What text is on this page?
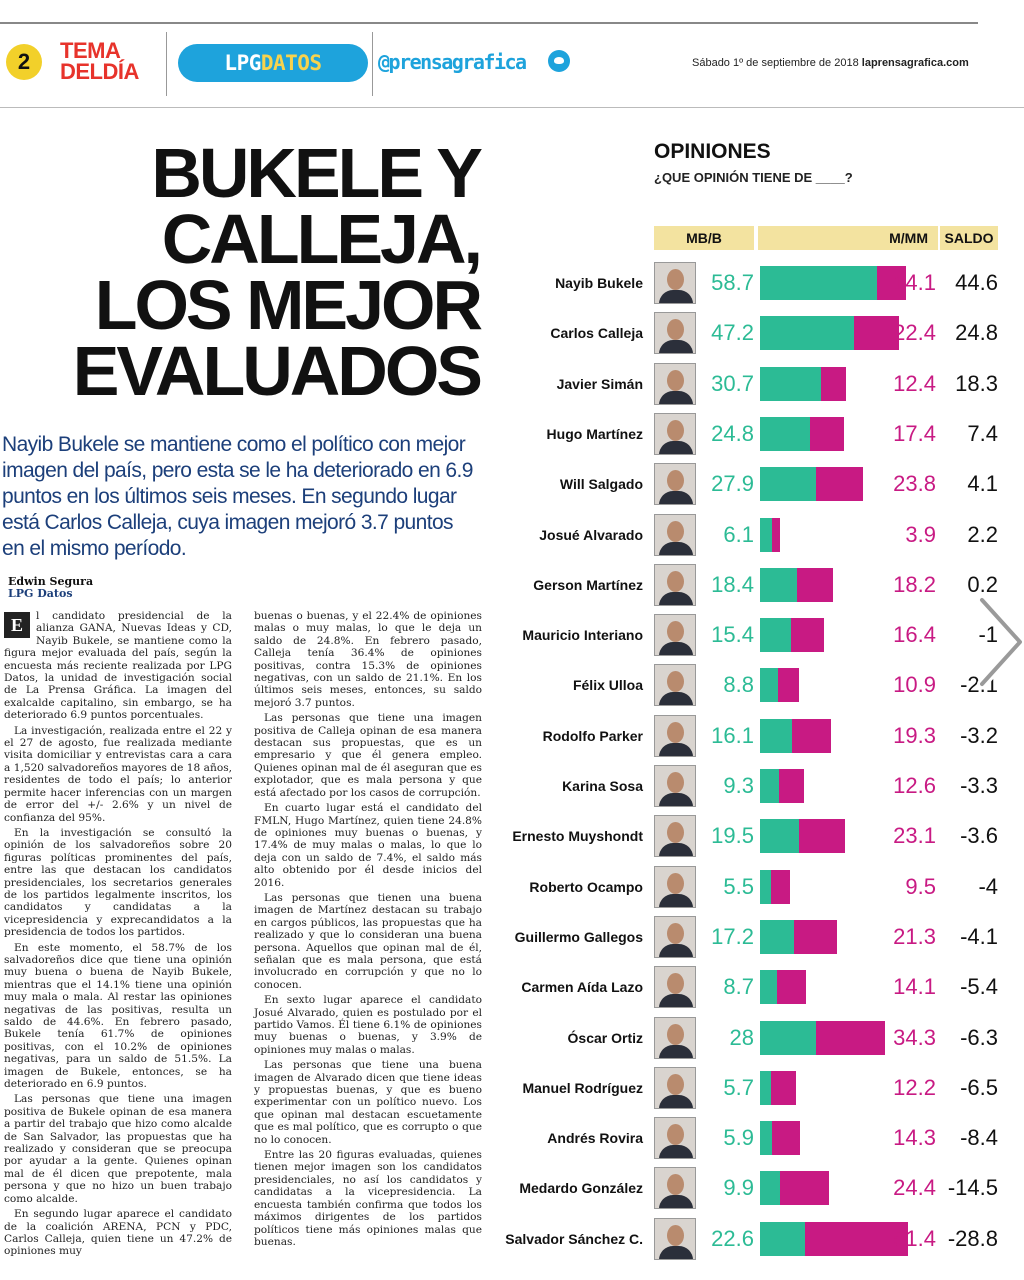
2	TEMA
DELDÍA	LPGDATOS	@prensagrafica	Sábado 1º de septiembre de 2018 laprensagrafica.com
BUKELE Y
CALLEJA,
LOS MEJOR
EVALUADOS

Nayib Bukele se mantiene como el político con mejor imagen del país, pero esta se le ha deteriorado en 6.9 puntos en los últimos seis meses. En segundo lugar está Carlos Calleja, cuya imagen mejoró 3.7 puntos en el mismo período.

Edwin Segura
LPG Datos

E	l candidato presidencial de la alianza GANA, Nuevas Ideas y CD, Nayib Bukele, se mantiene como la figura mejor evaluada del país, según la encuesta más reciente realizada por LPG Datos, la unidad de investigación social de La Prensa Gráfica. La imagen del exalcalde capitalino, sin embargo, se ha deteriorado 6.9 puntos porcentuales.

La investigación, realizada entre el 22 y el 27 de agosto, fue realizada mediante visita domiciliar y entrevistas cara a cara a 1,520 salvadoreños mayores de 18 años, residentes de todo el país; lo anterior permite hacer inferencias con un margen de error del +/- 2.6% y un nivel de confianza del 95%.

En la investigación se consultó la opinión de los salvadoreños sobre 20 figuras políticas prominentes del país, entre las que destacan los candidatos presidenciales, los secretarios generales de los partidos legalmente inscritos, los candidatos y candidatas a la vicepresidencia y exprecandidatos a la presidencia de todos los partidos.

En este momento, el 58.7% de los salvadoreños dice que tiene una opinión muy buena o buena de Nayib Bukele, mientras que el 14.1% tiene una opinión muy mala o mala. Al restar las opiniones negativas de las positivas, resulta un saldo de 44.6%. En febrero pasado, Bukele tenía 61.7% de opiniones positivas, con el 10.2% de opiniones negativas, para un saldo de 51.5%. La imagen de Bukele, entonces, se ha deteriorado en 6.9 puntos.

Las personas que tiene una imagen positiva de Bukele opinan de esa manera a partir del trabajo que hizo como alcalde de San Salvador, las propuestas que ha realizado y consideran que se preocupa por ayudar a la gente. Quienes opinan mal de él dicen que prepotente, mala persona y que no hizo un buen trabajo como alcalde.

En segundo lugar aparece el candidato de la coalición ARENA, PCN y PDC, Carlos Calleja, quien tiene un 47.2% de opiniones muy

buenas o buenas, y el 22.4% de opiniones malas o muy malas, lo que le deja un saldo de 24.8%. En febrero pasado, Calleja tenía 36.4% de opiniones positivas, contra 15.3% de opiniones negativas, con un saldo de 21.1%. En los últimos seis meses, entonces, su saldo mejoró 3.7 puntos.

Las personas que tiene una imagen positiva de Calleja opinan de esa manera destacan sus propuestas, que es un empresario y que él genera empleo. Quienes opinan mal de él aseguran que es explotador, que es mala persona y que está afectado por los casos de corrupción.

En cuarto lugar está el candidato del FMLN, Hugo Martínez, quien tiene 24.8% de opiniones muy buenas o buenas, y 17.4% de muy malas o malas, lo que lo deja con un saldo de 7.4%, el saldo más alto obtenido por él desde inicios del 2016.

Las personas que tienen una buena imagen de Martínez destacan su trabajo en cargos públicos, las propuestas que ha realizado y que lo consideran una buena persona. Aquellos que opinan mal de él, señalan que es mala persona, que está involucrado en corrupción y que no lo conocen.

En sexto lugar aparece el candidato Josué Alvarado, quien es postulado por el partido Vamos. Él tiene 6.1% de opiniones muy buenas o buenas, y 3.9% de opiniones muy malas o malas.

Las personas que tiene una buena imagen de Alvarado dicen que tiene ideas y propuestas buenas, y que es bueno experimentar con un político nuevo. Los que opinan mal destacan escuetamente que es mal político, que es corrupto o que no lo conocen.

Entre las 20 figuras evaluadas, quienes tienen mejor imagen son los candidatos presidenciales, no así los candidatos y candidatas a la vicepresidencia. La encuesta también confirma que todos los máximos dirigentes de los partidos políticos tiene más opiniones malas que buenas.

OPINIONES
¿QUE OPINIÓN TIENE DE ____?
MB/B	M/MM	SALDO
Nayib Bukele	58.7	14.1 44.6
Carlos Calleja	47.2	22.4 24.8
Javier Simán	30.7	12.4 18.3
Hugo Martínez	24.8	17.4	7.4
Will Salgado	27.9	23.8	4.1
Josué Alvarado	6.1	3.9	2.2
Gerson Martínez	18.4	18.2	0.2
Mauricio Interiano	15.4	16.4	-1
Félix Ulloa	8.8	10.9	-2.1
Rodolfo Parker	16.1	19.3	-3.2
Karina Sosa	9.3	12.6	-3.3
Ernesto Muyshondt	19.5	23.1	-3.6
Roberto Ocampo	5.5	9.5	-4
Guillermo Gallegos	17.2	21.3	-4.1
Carmen Aída Lazo	8.7	14.1	-5.4
Óscar Ortiz	28	34.3	-6.3
Manuel Rodríguez	5.7	12.2	-6.5
Andrés Rovira	5.9	14.3	-8.4
Medardo González	9.9	24.4 -14.5
Salvador Sánchez C.	22.6	51.4 -28.8
